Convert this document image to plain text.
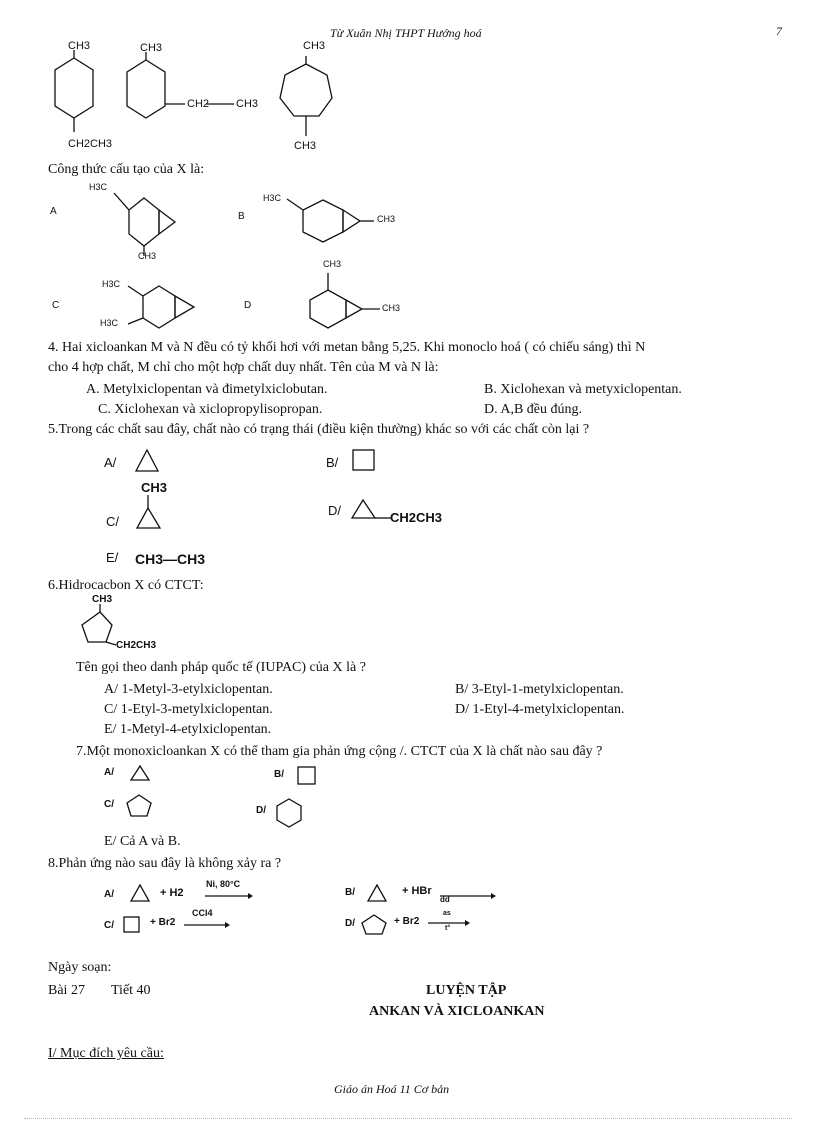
Từ Xuân Nhị THPT Hướng hoá	7
CH3
CH2CH3
CH3
CH2 CH3
CH3
CH3
Công thức cấu tạo của X là:
A
H3C
CH3
B
H3C
CH3
C
H3C
H3C
D
CH3
CH3
4. Hai xicloankan M và N đều có tỷ khối hơi với metan bằng 5,25. Khi monoclo hoá ( có chiếu sáng) thì N
cho 4 hợp chất, M chỉ cho một hợp chất duy nhất. Tên của M và N là:
A. Metylxiclopentan và đimetylxiclobutan.	B. Xiclohexan và metyxiclopentan.
C. Xiclohexan và xiclopropylisopropan.	D. A,B đều đúng.
5.Trong các chất sau đây, chất nào có trạng thái (điều kiện thường) khác so với các chất còn lại ?
A/	B/
CH3
C/
D/	CH2CH3
E/ CH3—CH3
6.Hidrocacbon X có CTCT:
CH3
CH2CH3
Tên gọi theo danh pháp quốc tế (IUPAC) của X là ?
A/ 1-Metyl-3-etylxiclopentan.	B/ 3-Etyl-1-metylxiclopentan.
C/ 1-Etyl-3-metylxiclopentan.	D/ 1-Etyl-4-metylxiclopentan.
E/ 1-Metyl-4-etylxiclopentan.
7.Một monoxicloankan X có thể tham gia phản ứng cộng /. CTCT của X là chất nào sau đây ?
A/	B/
C/
D/
E/ Cả A và B.
8.Phản ứng nào sau đây là không xảy ra ?
A/	+ H2
Ni, 80°C
B/	+ HBr
dd
C/	+ Br2
CCl4
D/	+ Br2
as
t°
Ngày soạn:
Bài 27 Tiết 40	LUYỆN TẬP
ANKAN VÀ XICLOANKAN
I/ Mục đích yêu cầu:
Giáo án Hoá 11 Cơ bản
